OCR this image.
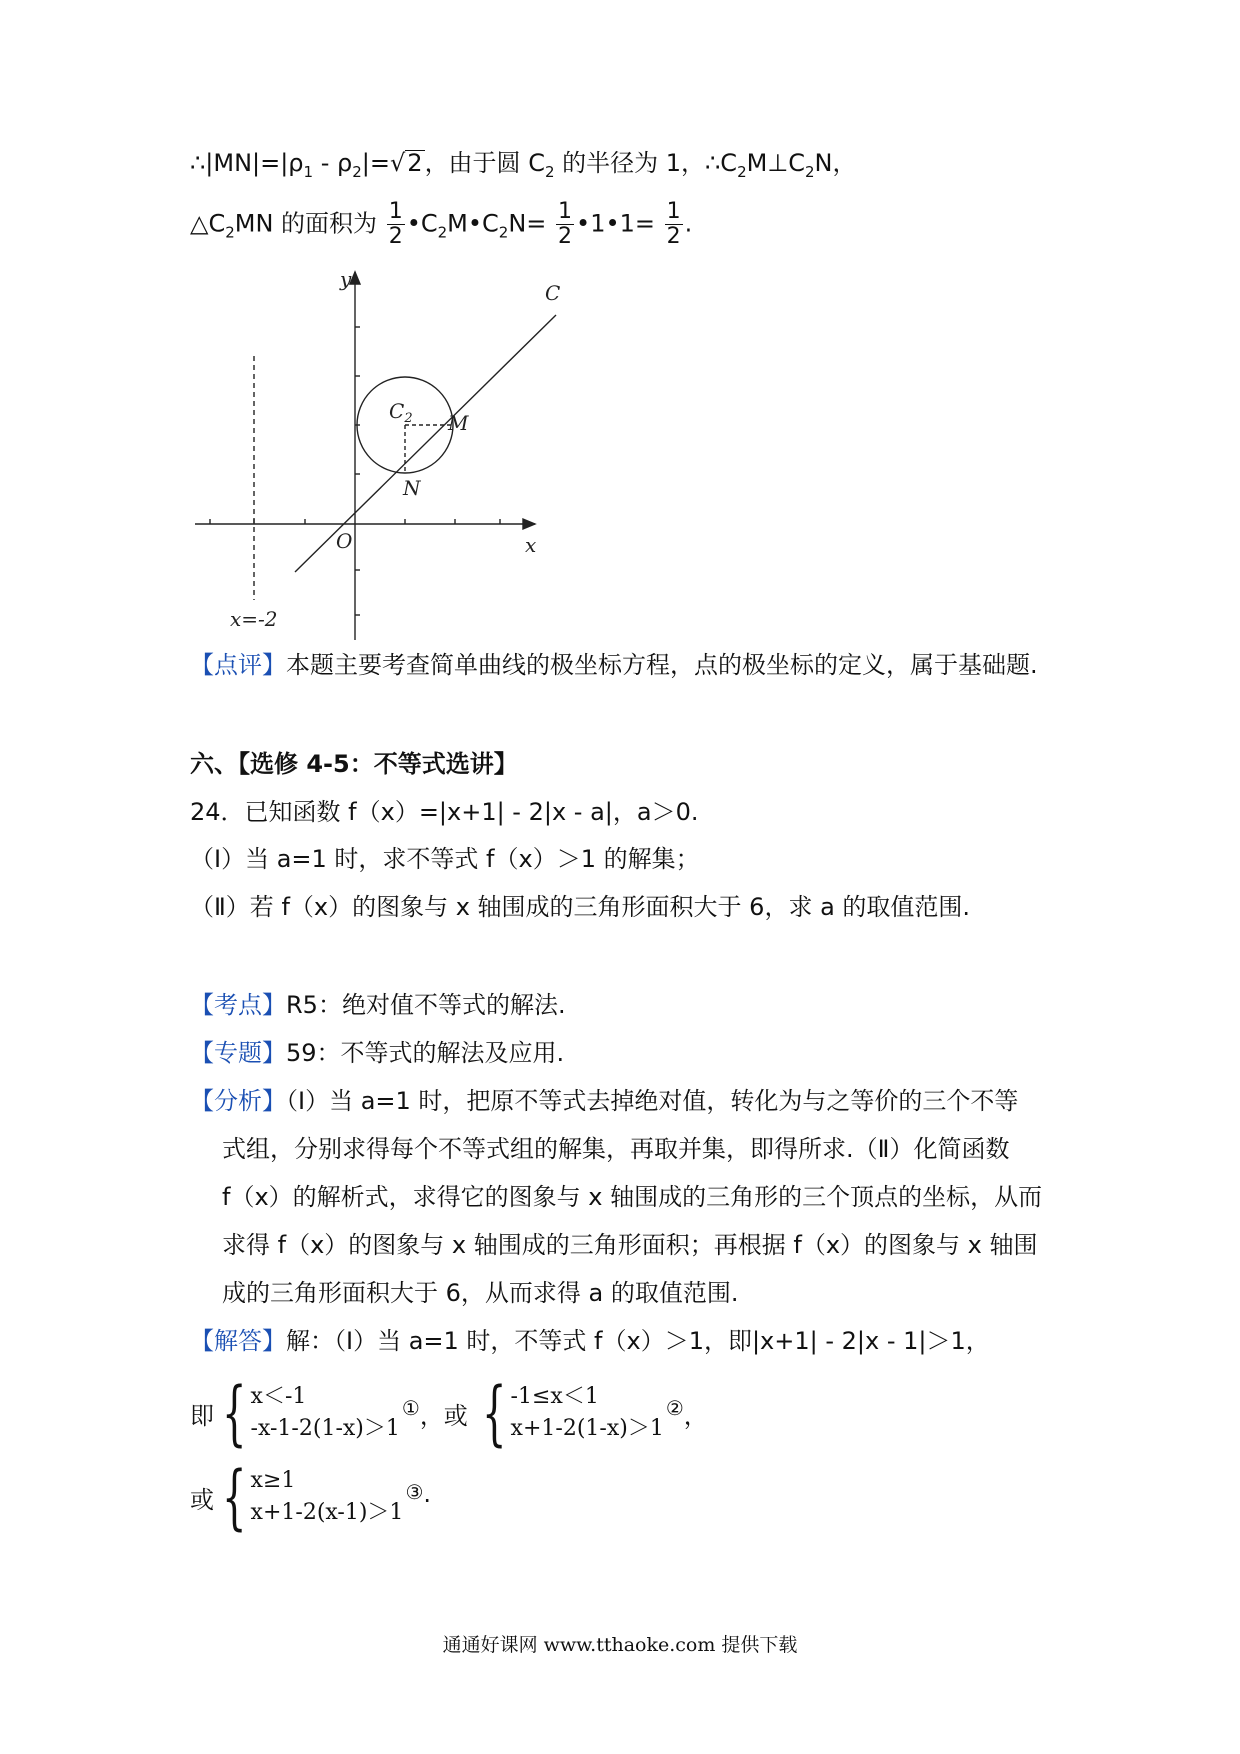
$\therefore|MN|=|\rho_1 - \rho_2|=√2$，由于圆 $C_2$ 的半径为 1，$\therefore C_2M\perp C_2N$，
$\triangle C_2MN$ 的面积为 $\frac{1}{2}$ $•C_2M•C_2N= \frac{1}{2}$ •1•1= $\frac{1}{2}$ .
y
x
O
C
$C_2$ M
N
x=-2
【点评】本题主要考查简单曲线的极坐标方程，点的极坐标的定义，属于基础题.
六、【选修 4-5：不等式选讲】
24．已知函数 f（x）=|x+1| - 2|x - a|，a＞0.
（Ⅰ）当 a=1 时，求不等式 f（x）＞1 的解集；
（Ⅱ）若 f（x）的图象与 x 轴围成的三角形面积大于 6，求 a 的取值范围.
【考点】R5：绝对值不等式的解法.
【专题】59：不等式的解法及应用.
【分析】（Ⅰ）当 a=1 时，把原不等式去掉绝对值，转化为与之等价的三个不等
式组，分别求得每个不等式组的解集，再取并集，即得所求.（Ⅱ）化简函数
f（x）的解析式，求得它的图象与 x 轴围成的三角形的三个顶点的坐标，从而
求得 f（x）的图象与 x 轴围成的三角形面积；再根据 f（x）的图象与 x 轴围
成的三角形面积大于 6，从而求得 a 的取值范围.
【解答】解：（Ⅰ）当 a=1 时，不等式 f（x）＞1，即|x+1| - 2|x - 1|＞1，
即 { x＜-1
-x-1-2(1-x)＞1
① ，或 { -1≤x＜1
x+1-2(1-x)＞1
② ，
或 { x≥1
x+1-2(x-1)＞1
③ .
通通好课网 www.tthaoke.com 提供下载
